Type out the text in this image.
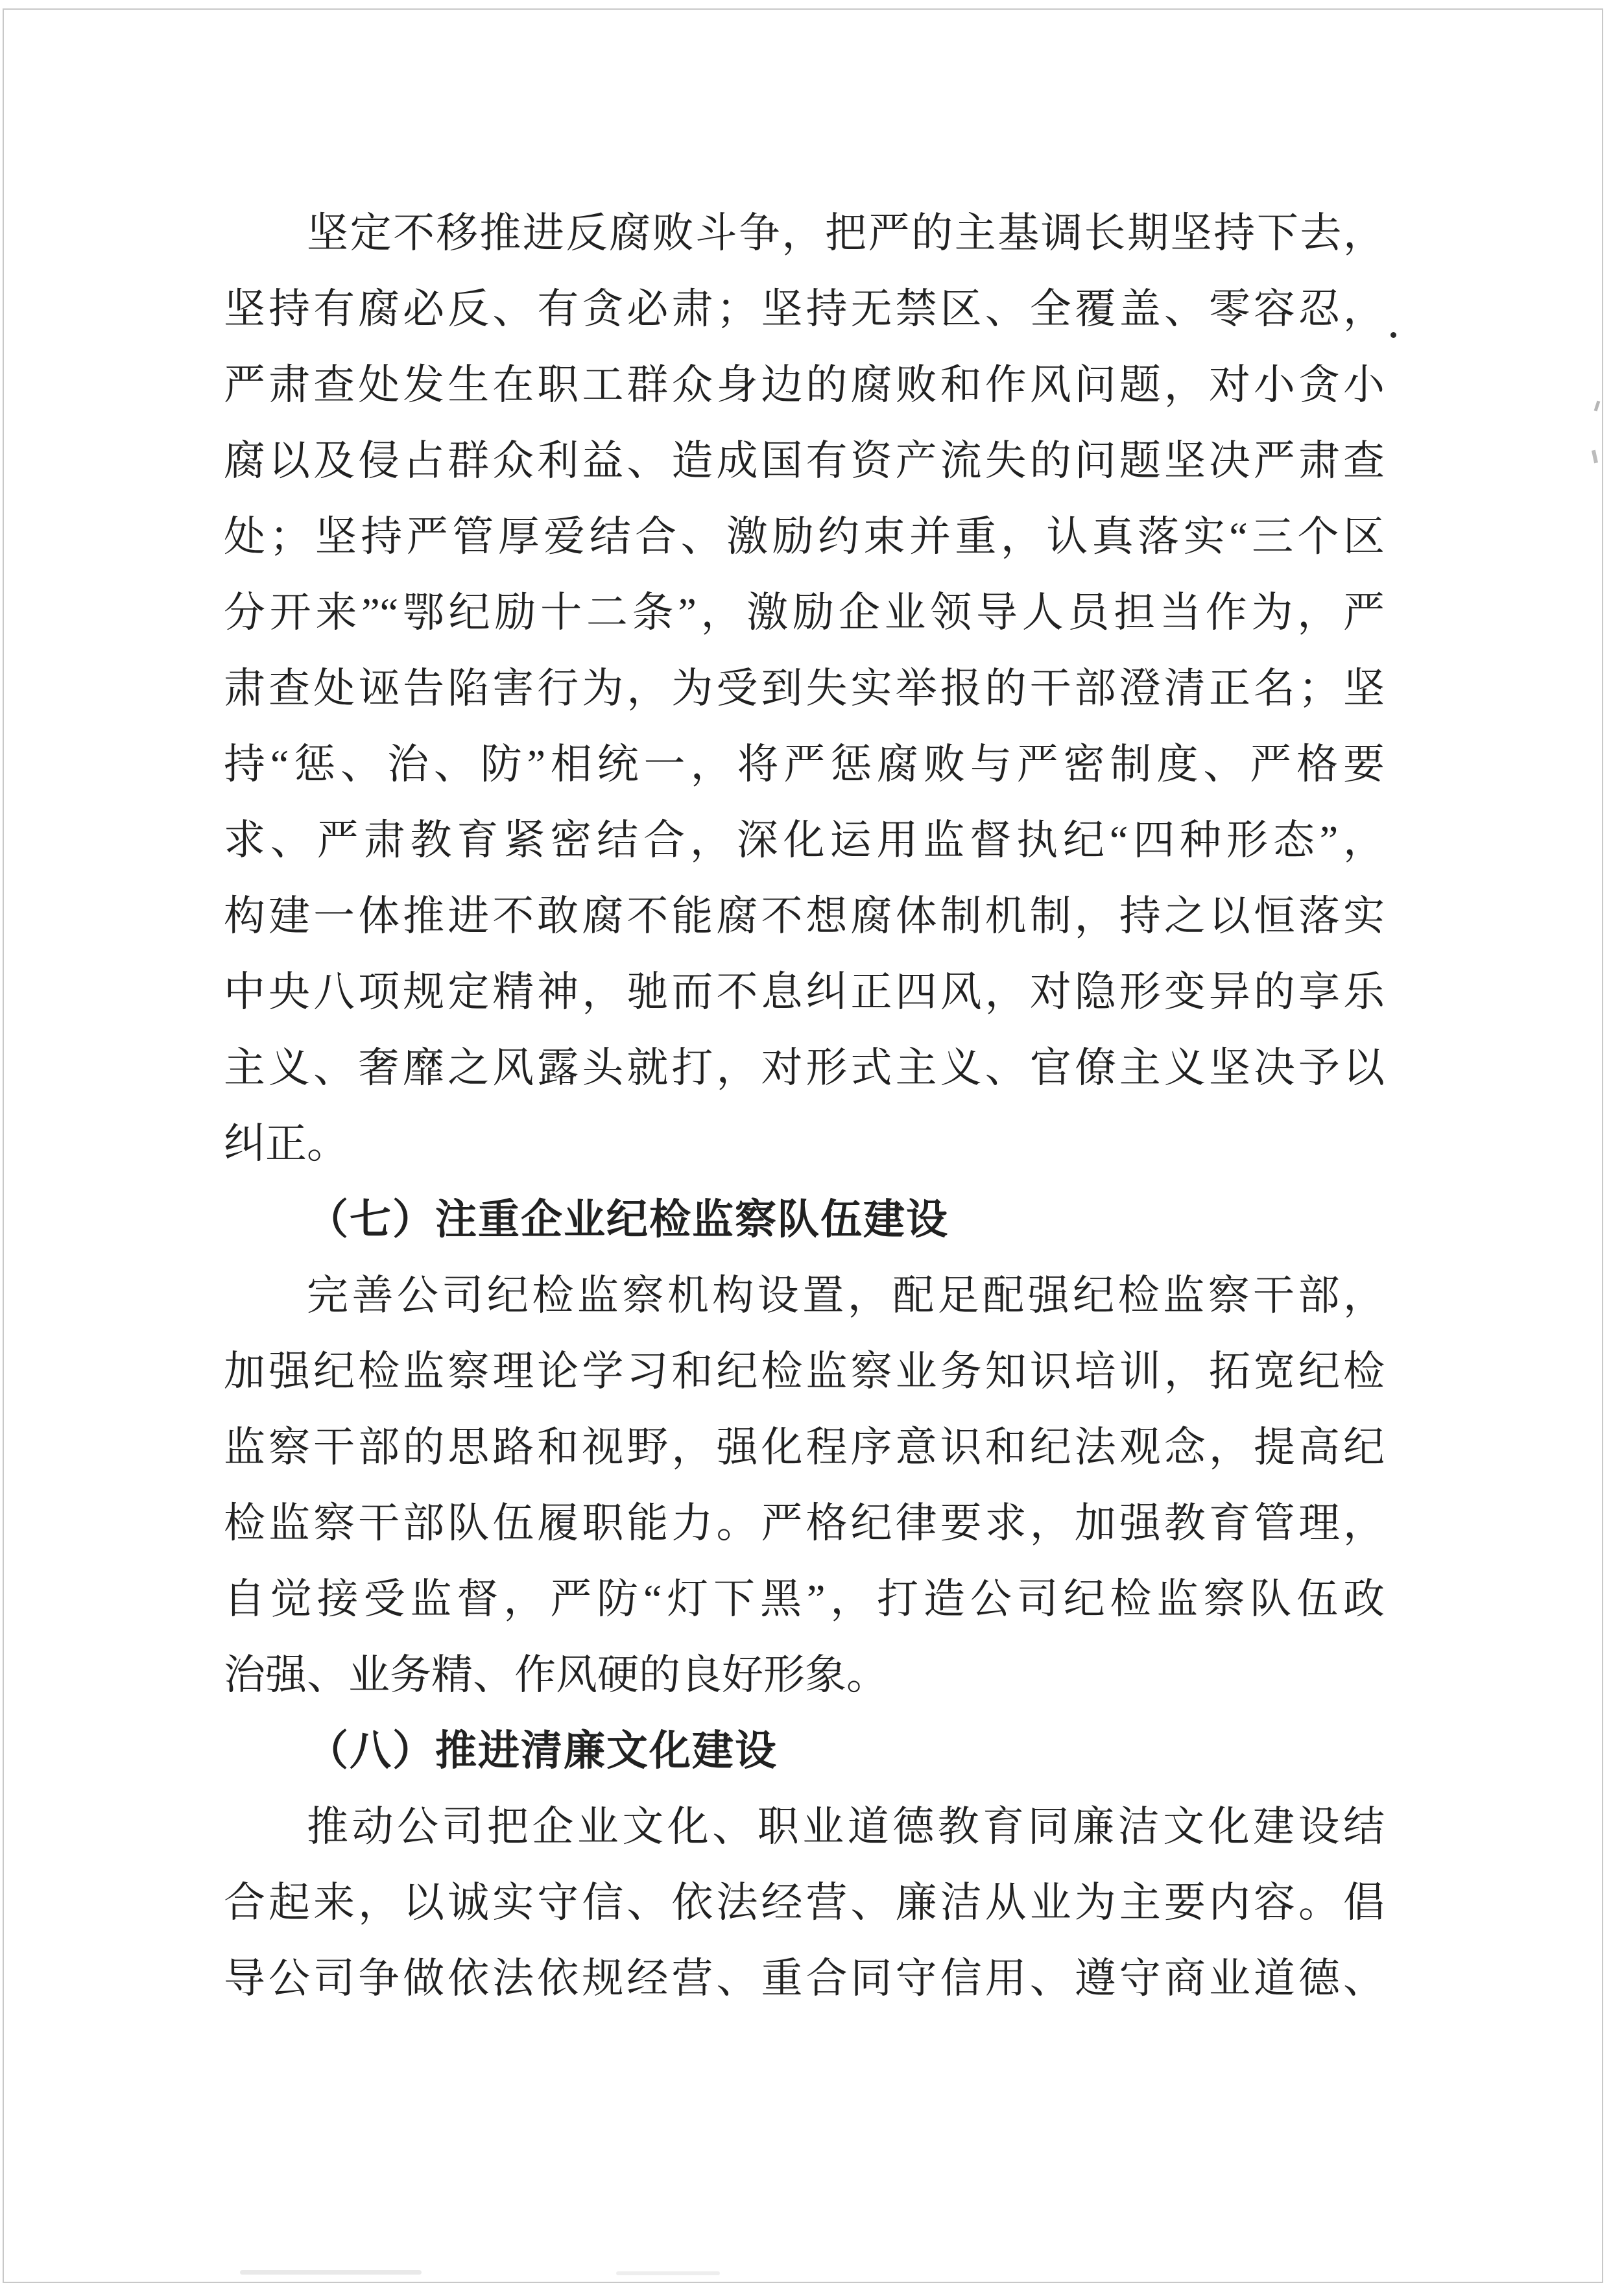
坚定不移推进反腐败斗争，把严的主基调长期坚持下去，
坚持有腐必反、有贪必肃；坚持无禁区、全覆盖、零容忍，
严肃查处发生在职工群众身边的腐败和作风问题，对小贪小
腐以及侵占群众利益、造成国有资产流失的问题坚决严肃查
处；坚持严管厚爱结合、激励约束并重，认真落实“三个区
分开来”“鄂纪励十二条”，激励企业领导人员担当作为，严
肃查处诬告陷害行为，为受到失实举报的干部澄清正名；坚
持“惩、治、防”相统一，将严惩腐败与严密制度、严格要
求、严肃教育紧密结合，深化运用监督执纪“四种形态”，
构建一体推进不敢腐不能腐不想腐体制机制，持之以恒落实
中央八项规定精神，驰而不息纠正四风，对隐形变异的享乐
主义、奢靡之风露头就打，对形式主义、官僚主义坚决予以
纠正。
（七）注重企业纪检监察队伍建设
完善公司纪检监察机构设置，配足配强纪检监察干部，
加强纪检监察理论学习和纪检监察业务知识培训，拓宽纪检
监察干部的思路和视野，强化程序意识和纪法观念，提高纪
检监察干部队伍履职能力。严格纪律要求，加强教育管理，
自觉接受监督，严防“灯下黑”，打造公司纪检监察队伍政
治强、业务精、作风硬的良好形象。
（八）推进清廉文化建设
推动公司把企业文化、职业道德教育同廉洁文化建设结
合起来，以诚实守信、依法经营、廉洁从业为主要内容。倡
导公司争做依法依规经营、重合同守信用、遵守商业道德、
